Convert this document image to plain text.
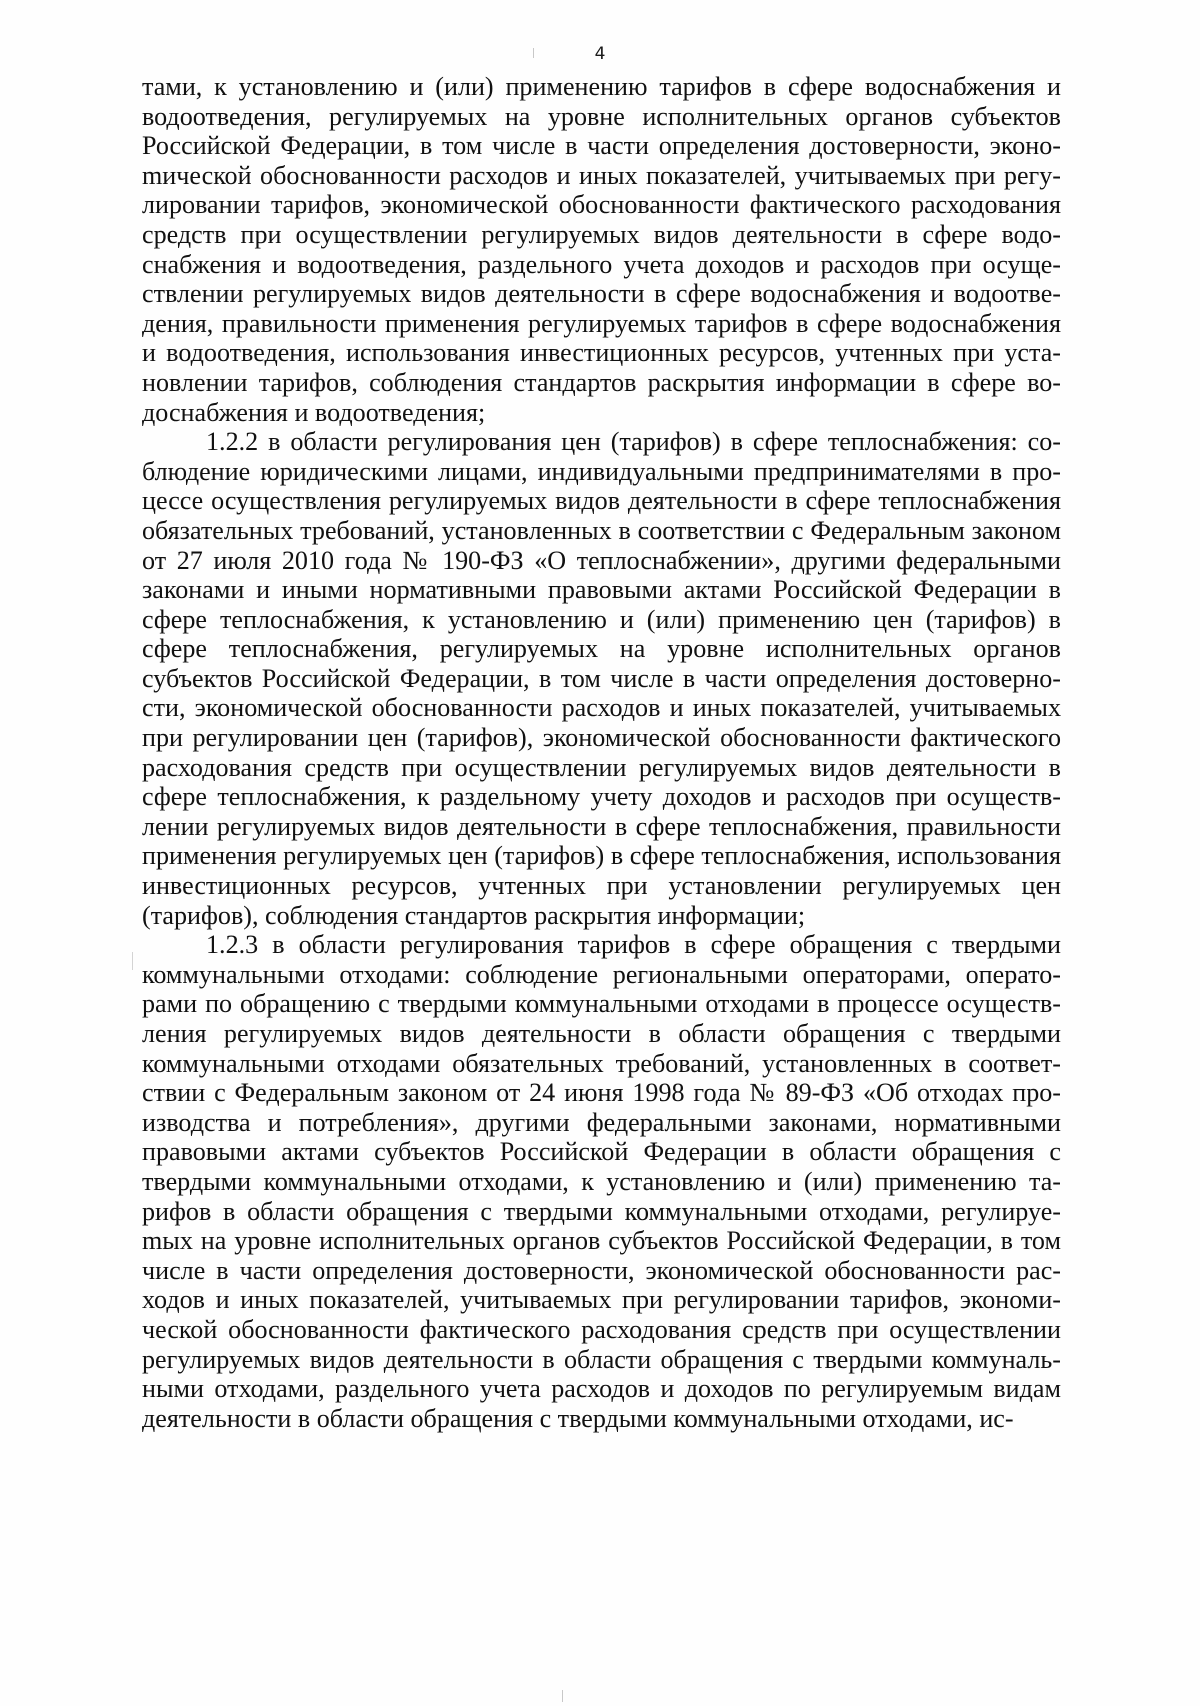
4

тами, к установлению и (или) применению тарифов в сфере водоснабжения и водоотведения, регулируемых на уровне исполнительных органов субъектов Российской Федерации, в том числе в части определения достоверности, эконоmической обоснованности расходов и иных показателей, учитываемых при регулировании тарифов, экономической обоснованности фактического расходования средств при осуществлении регулируемых видов деятельности в сфере водоснабжения и водоотведения, раздельного учета доходов и расходов при осуществлении регулируемых видов деятельности в сфере водоснабжения и водоотведения, правильности применения регулируемых тарифов в сфере водоснабжения и водоотведения, использования инвестиционных ресурсов, учтенных при установлении тарифов, соблюдения стандартов раскрытия информации в сфере водоснабжения и водоотведения;

1.2.2 в области регулирования цен (тарифов) в сфере теплоснабжения: соблюдение юридическими лицами, индивидуальными предпринимателями в процессе осуществления регулируемых видов деятельности в сфере теплоснабжения обязательных требований, установленных в соответствии с Федеральным законом от 27 июля 2010 года № 190-ФЗ «О теплоснабжении», другими федеральными законами и иными нормативными правовыми актами Российской Федерации в сфере теплоснабжения, к установлению и (или) применению цен (тарифов) в сфере теплоснабжения, регулируемых на уровне исполнительных органов субъектов Российской Федерации, в том числе в части определения достоверности, экономической обоснованности расходов и иных показателей, учитываемых при регулировании цен (тарифов), экономической обоснованности фактического расходования средств при осуществлении регулируемых видов деятельности в сфере теплоснабжения, к раздельному учету доходов и расходов при осуществлении регулируемых видов деятельности в сфере теплоснабжения, правильности применения регулируемых цен (тарифов) в сфере теплоснабжения, использования инвестиционных ресурсов, учтенных при установлении регулируемых цен (тарифов), соблюдения стандартов раскрытия информации;

1.2.3 в области регулирования тарифов в сфере обращения с твердыми коммунальными отходами: соблюдение региональными операторами, операторами по обращению с твердыми коммунальными отходами в процессе осуществления регулируемых видов деятельности в области обращения с твердыми коммунальными отходами обязательных требований, установленных в соответствии с Федеральным законом от 24 июня 1998 года № 89-ФЗ «Об отходах производства и потребления», другими федеральными законами, нормативными правовыми актами субъектов Российской Федерации в области обращения с твердыми коммунальными отходами, к установлению и (или) применению тарифов в области обращения с твердыми коммунальными отходами, регулируеmых на уровне исполнительных органов субъектов Российской Федерации, в том числе в части определения достоверности, экономической обоснованности расходов и иных показателей, учитываемых при регулировании тарифов, экономической обоснованности фактического расходования средств при осуществлении регулируемых видов деятельности в области обращения с твердыми коммунальными отходами, раздельного учета расходов и доходов по регулируемым видам деятельности в области обращения с твердыми коммунальными отходами, ис-
